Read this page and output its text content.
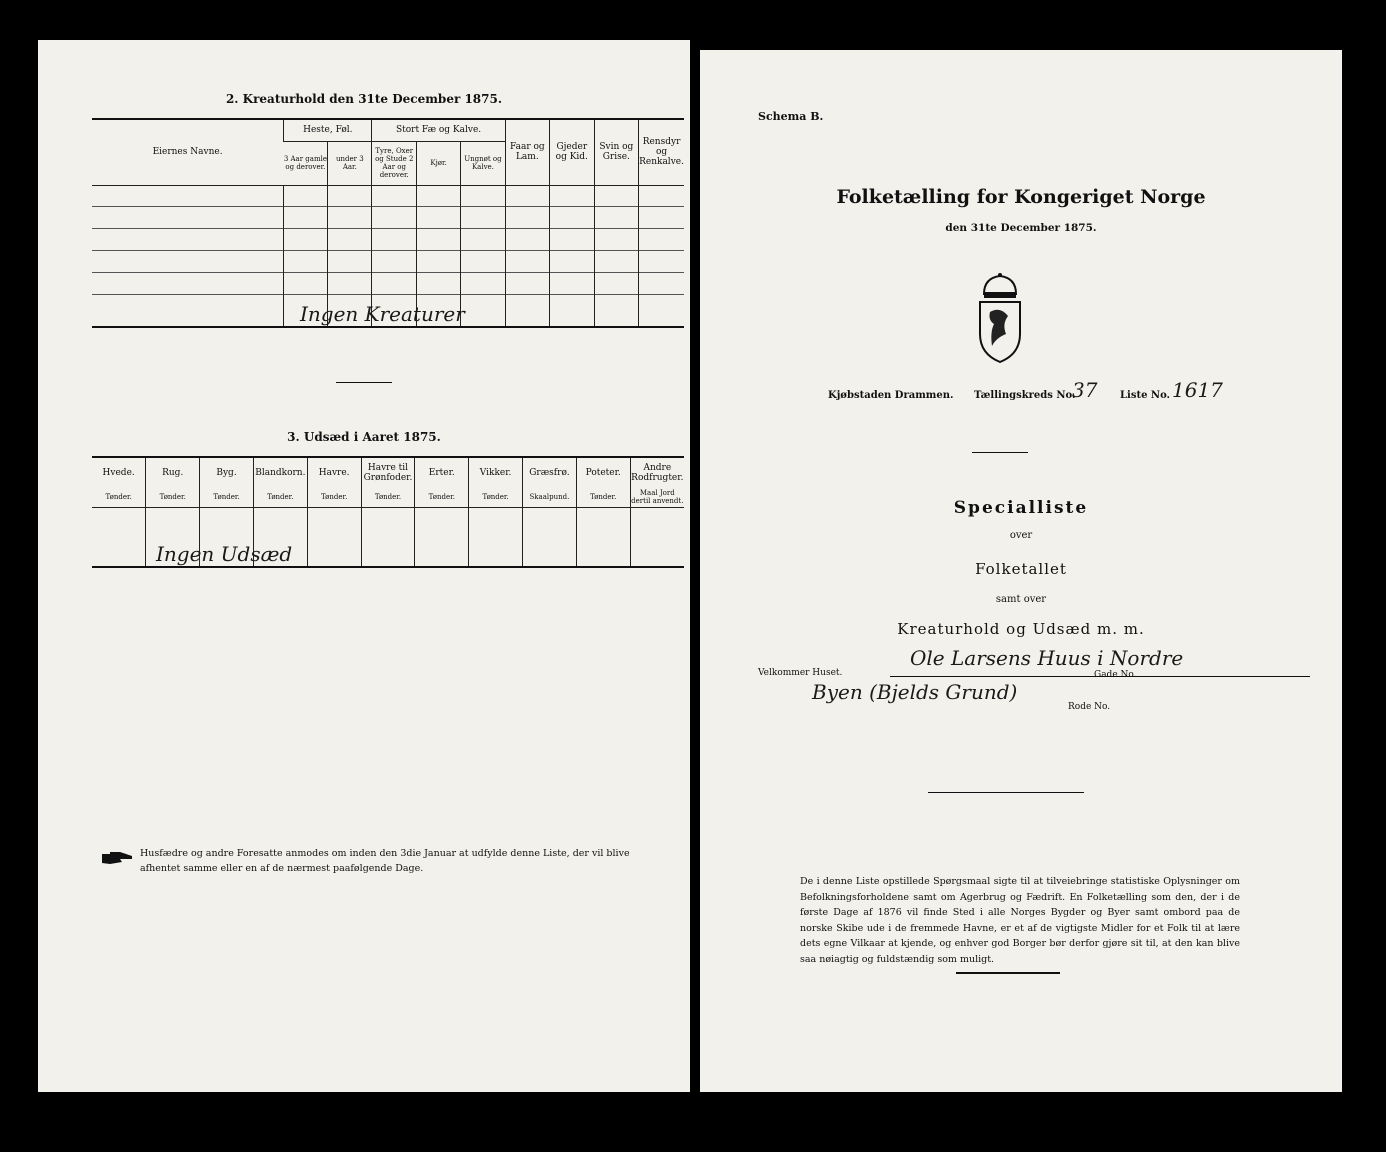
2. Kreaturhold den 31te December 1875.
Eiernes Navne.	Heste, Føl.		Stort Fæ og Kalve.			Faar og Lam.	Gjeder og Kid.	Svin og Grise.	Rensdyr og Renkalve.
	3 Aar gamle og derover.	under 3 Aar.	Tyre, Oxer og Stude 2 Aar og derover.	Kjør.	Ungnøt og Kalve.				

Ingen Kreaturer
3. Udsæd i Aaret 1875.
Hvede.	Rug.	Byg.	Blandkorn.	Havre.	Havre til Grønfoder.	Erter.	Vikker.	Græsfrø.	Poteter.	Andre Rodfrugter.
Tønder.	Tønder.	Tønder.	Tønder.	Tønder.	Tønder.	Tønder.	Tønder.	Skaalpund.	Tønder.	Maal Jord dertil anvendt.

Ingen Udsæd
Husfædre og andre Foresatte anmodes om inden den 3die Januar at udfylde denne Liste, der vil blive afhentet samme eller en af de nærmest paafølgende Dage.
Schema B.
Folketælling for Kongeriget Norge
den 31te December 1875.
Kjøbstaden Drammen. Tællingskreds No.
37 Liste No. 1617
Specialliste
over
Folketallet
samt over
Kreaturhold og Udsæd m. m.
Ole Larsens Huus i Nordre
Velkommer Huset.	Gade No.
Byen (Bjelds Grund)
Rode No.
De i denne Liste opstillede Spørgsmaal sigte til at tilveiebringe statistiske Oplysninger om Befolkningsforholdene samt om Agerbrug og Fædrift. En Folketælling som den, der i de første Dage af 1876 vil finde Sted i alle Norges Bygder og Byer samt ombord paa de norske Skibe ude i de fremmede Havne, er et af de vigtigste Midler for et Folk til at lære dets egne Vilkaar at kjende, og enhver god Borger bør derfor gjøre sit til, at den kan blive saa nøiagtig og fuldstændig som muligt.
